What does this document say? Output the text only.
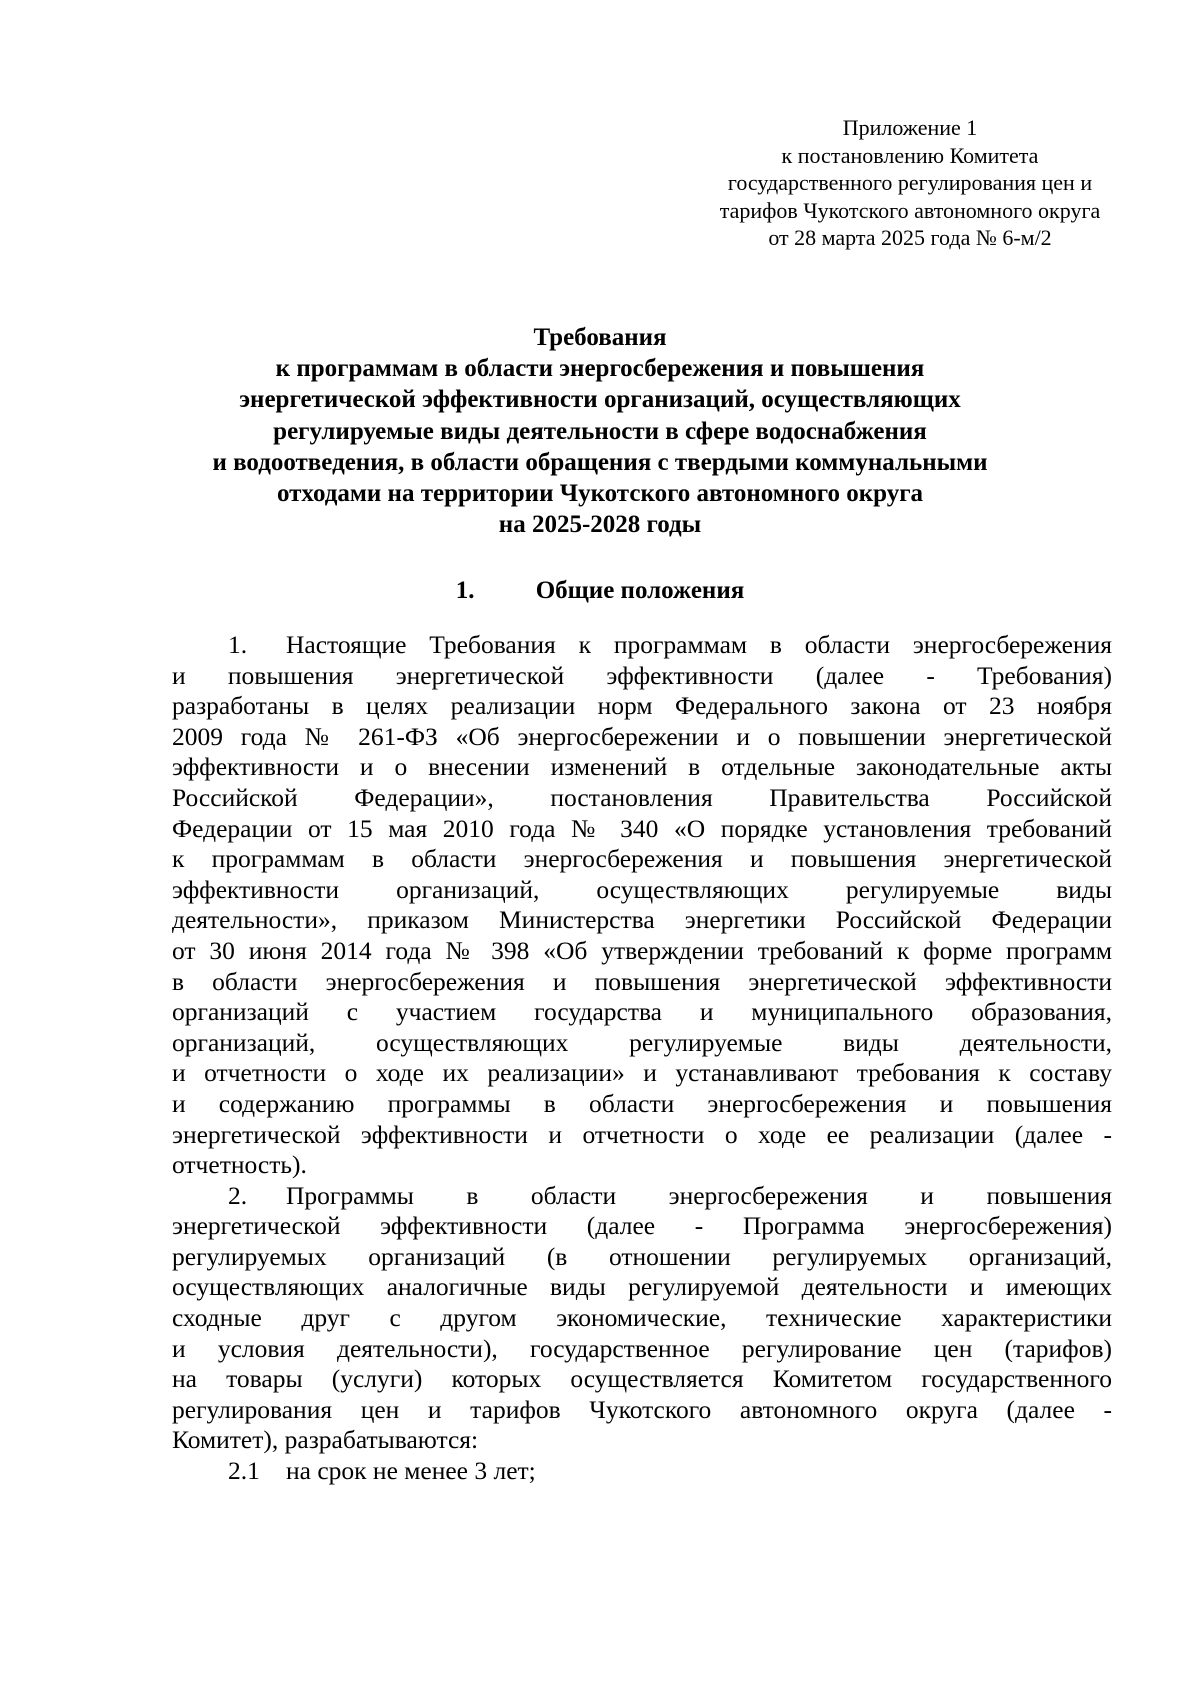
Приложение 1
к постановлению Комитета
государственного регулирования цен и
тарифов Чукотского автономного округа
от 28 марта 2025 года № 6-м/2
Требования
к программам в области энергосбережения и повышения
энергетической эффективности организаций, осуществляющих
регулируемые виды деятельности в сфере водоснабжения
и водоотведения, в области обращения с твердыми коммунальными
отходами на территории Чукотского автономного округа
на 2025-2028 годы
1. Общие положения
1. Настоящие Требования к программам в области энергосбережения
и повышения энергетической эффективности (далее - Требования)
разработаны в целях реализации норм Федерального закона от 23 ноября
2009 года № 261-ФЗ «Об энергосбережении и о повышении энергетической
эффективности и о внесении изменений в отдельные законодательные акты
Российской Федерации», постановления Правительства Российской
Федерации от 15 мая 2010 года № 340 «О порядке установления требований
к программам в области энергосбережения и повышения энергетической
эффективности организаций, осуществляющих регулируемые виды
деятельности», приказом Министерства энергетики Российской Федерации
от 30 июня 2014 года № 398 «Об утверждении требований к форме программ
в области энергосбережения и повышения энергетической эффективности
организаций с участием государства и муниципального образования,
организаций, осуществляющих регулируемые виды деятельности,
и отчетности о ходе их реализации» и устанавливают требования к составу
и содержанию программы в области энергосбережения и повышения
энергетической эффективности и отчетности о ходе ее реализации (далее -
отчетность).
2. Программы в области энергосбережения и повышения
энергетической эффективности (далее - Программа энергосбережения)
регулируемых организаций (в отношении регулируемых организаций,
осуществляющих аналогичные виды регулируемой деятельности и имеющих
сходные друг с другом экономические, технические характеристики
и условия деятельности), государственное регулирование цен (тарифов)
на товары (услуги) которых осуществляется Комитетом государственного
регулирования цен и тарифов Чукотского автономного округа (далее -
Комитет), разрабатываются:
2.1 на срок не менее 3 лет;
